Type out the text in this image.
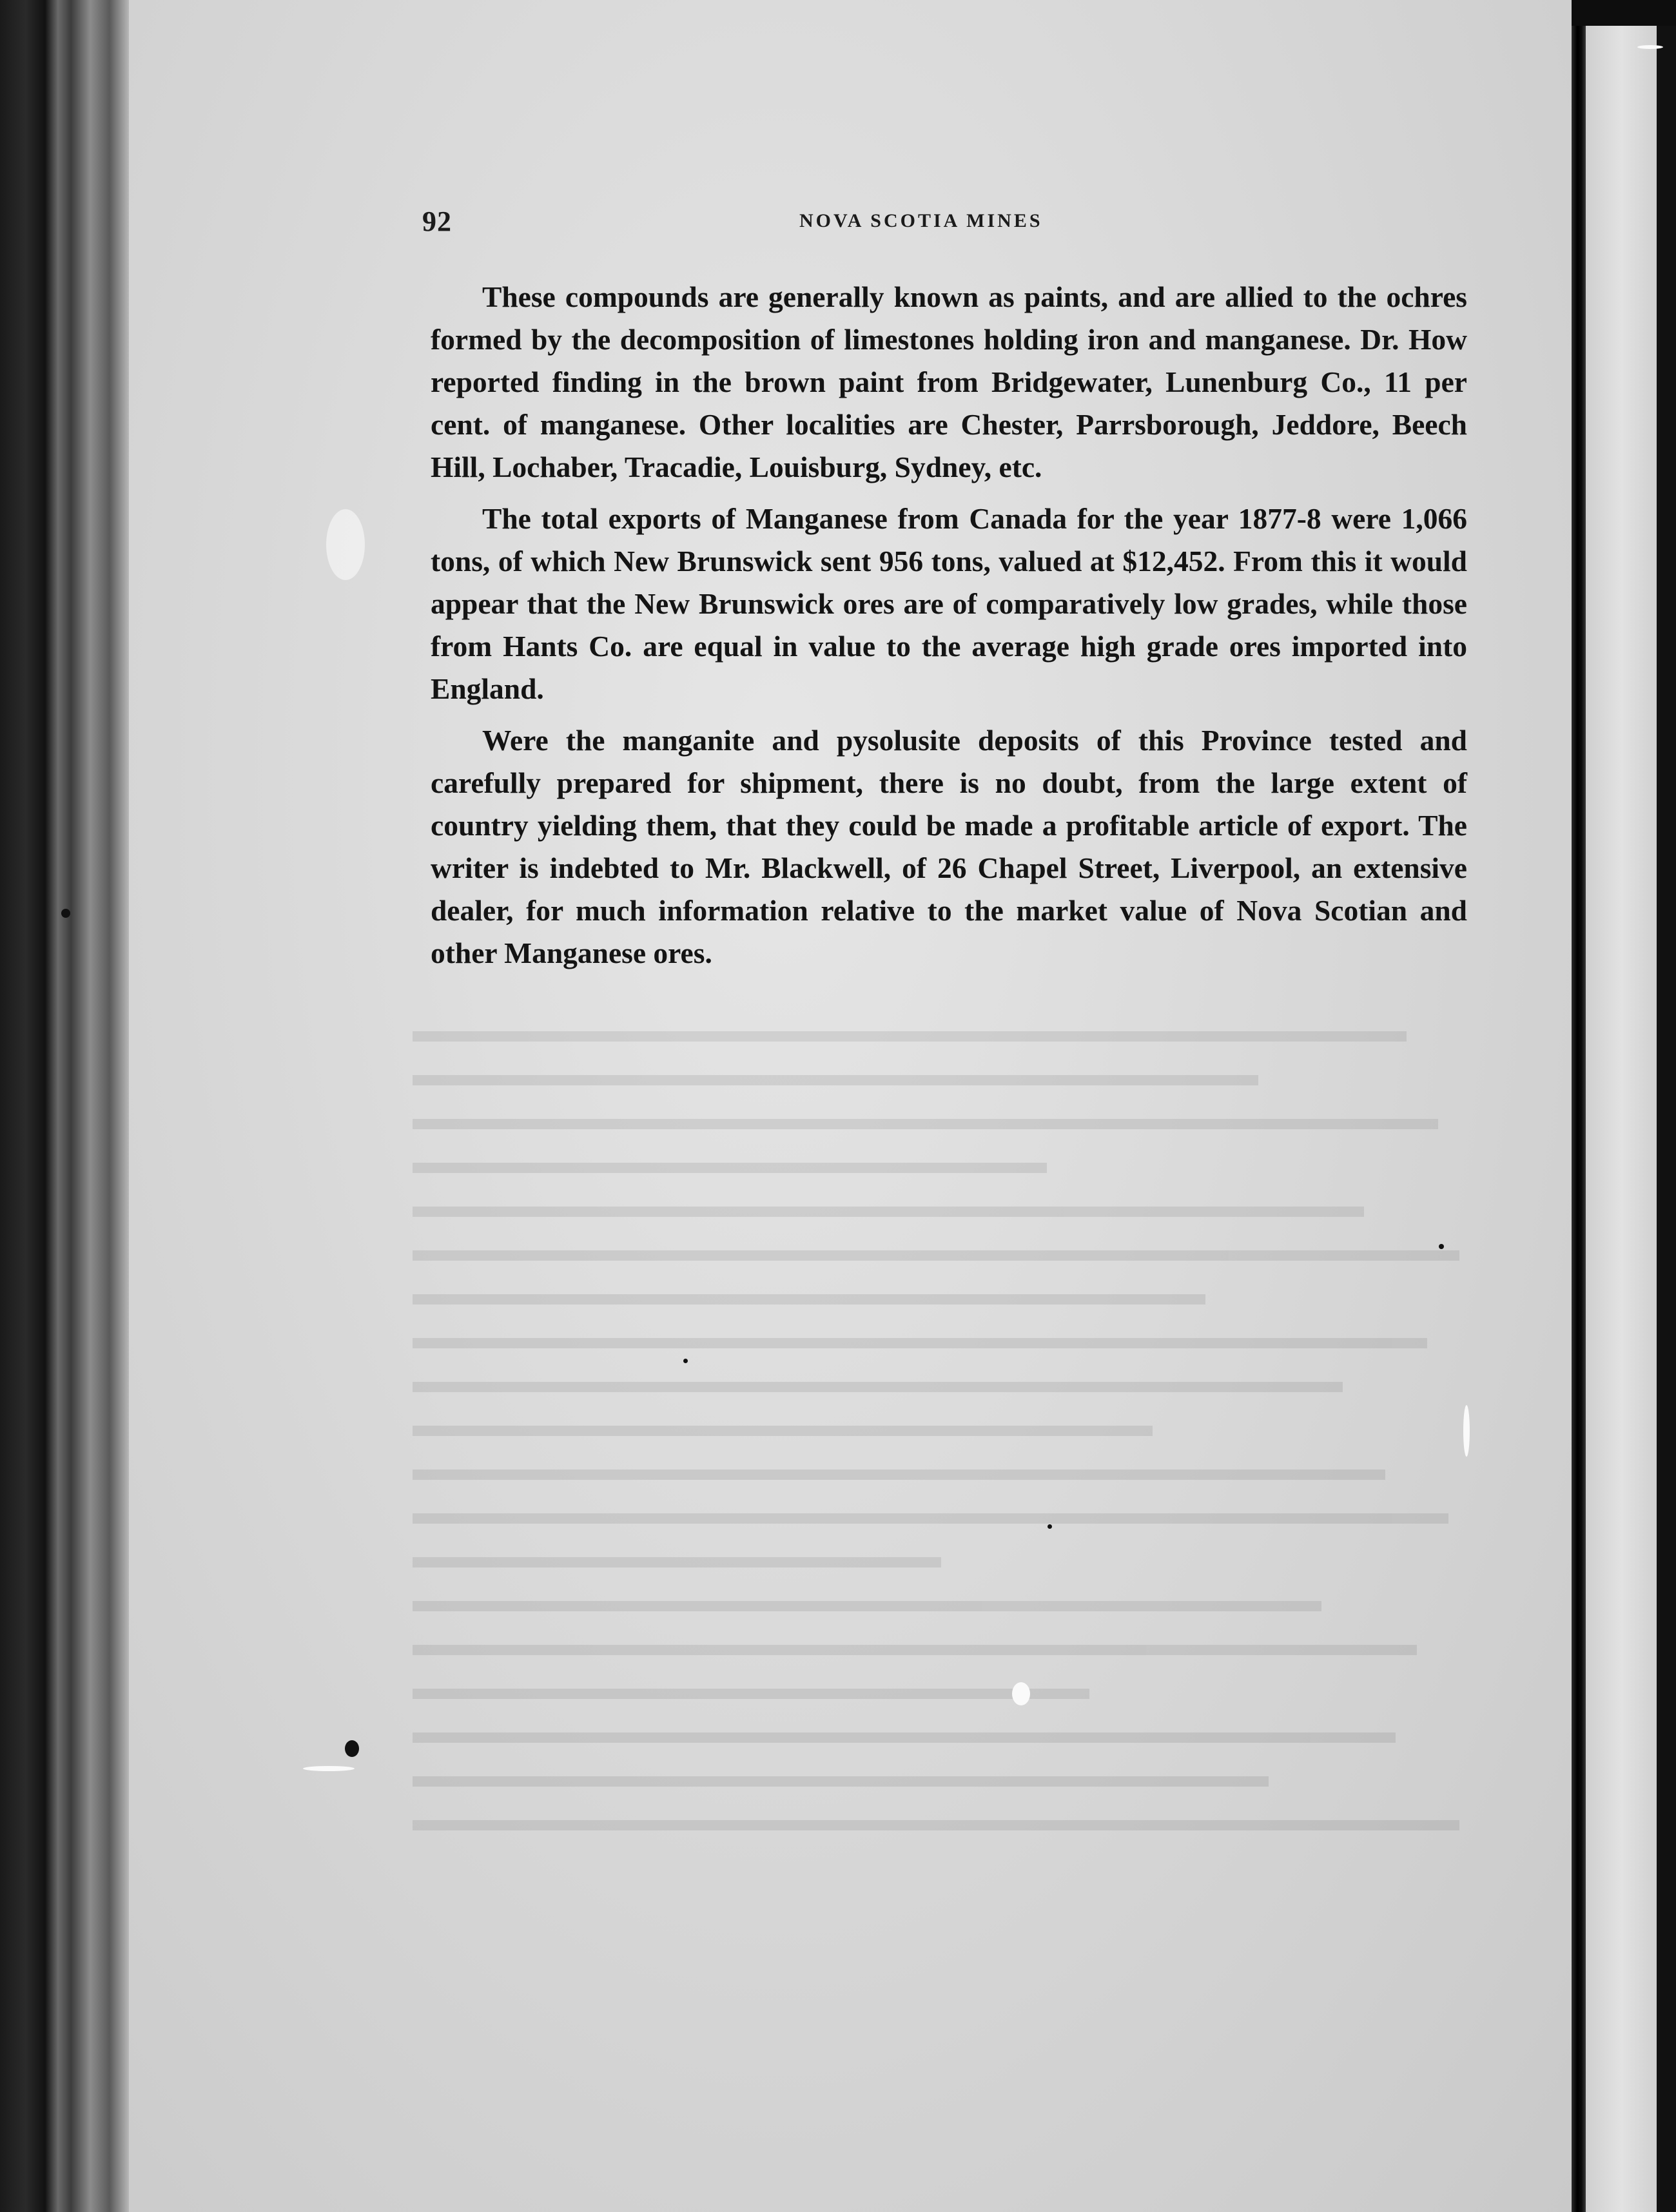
92	NOVA SCOTIA MINES

These compounds are generally known as paints, and are allied to the ochres formed by the decomposition of limestones holding iron and manganese. Dr. How reported finding in the brown paint from Bridgewater, Lunenburg Co., 11 per cent. of manganese. Other localities are Chester, Parrsborough, Jeddore, Beech Hill, Lochaber, Tracadie, Louisburg, Sydney, etc.

The total exports of Manganese from Canada for the year 1877-8 were 1,066 tons, of which New Brunswick sent 956 tons, valued at $12,452. From this it would appear that the New Brunswick ores are of comparatively low grades, while those from Hants Co. are equal in value to the average high grade ores imported into England.

Were the manganite and pysolusite deposits of this Province tested and carefully prepared for shipment, there is no doubt, from the large extent of country yielding them, that they could be made a profitable article of export. The writer is indebted to Mr. Blackwell, of 26 Chapel Street, Liverpool, an extensive dealer, for much information relative to the market value of Nova Scotian and other Manganese ores.
